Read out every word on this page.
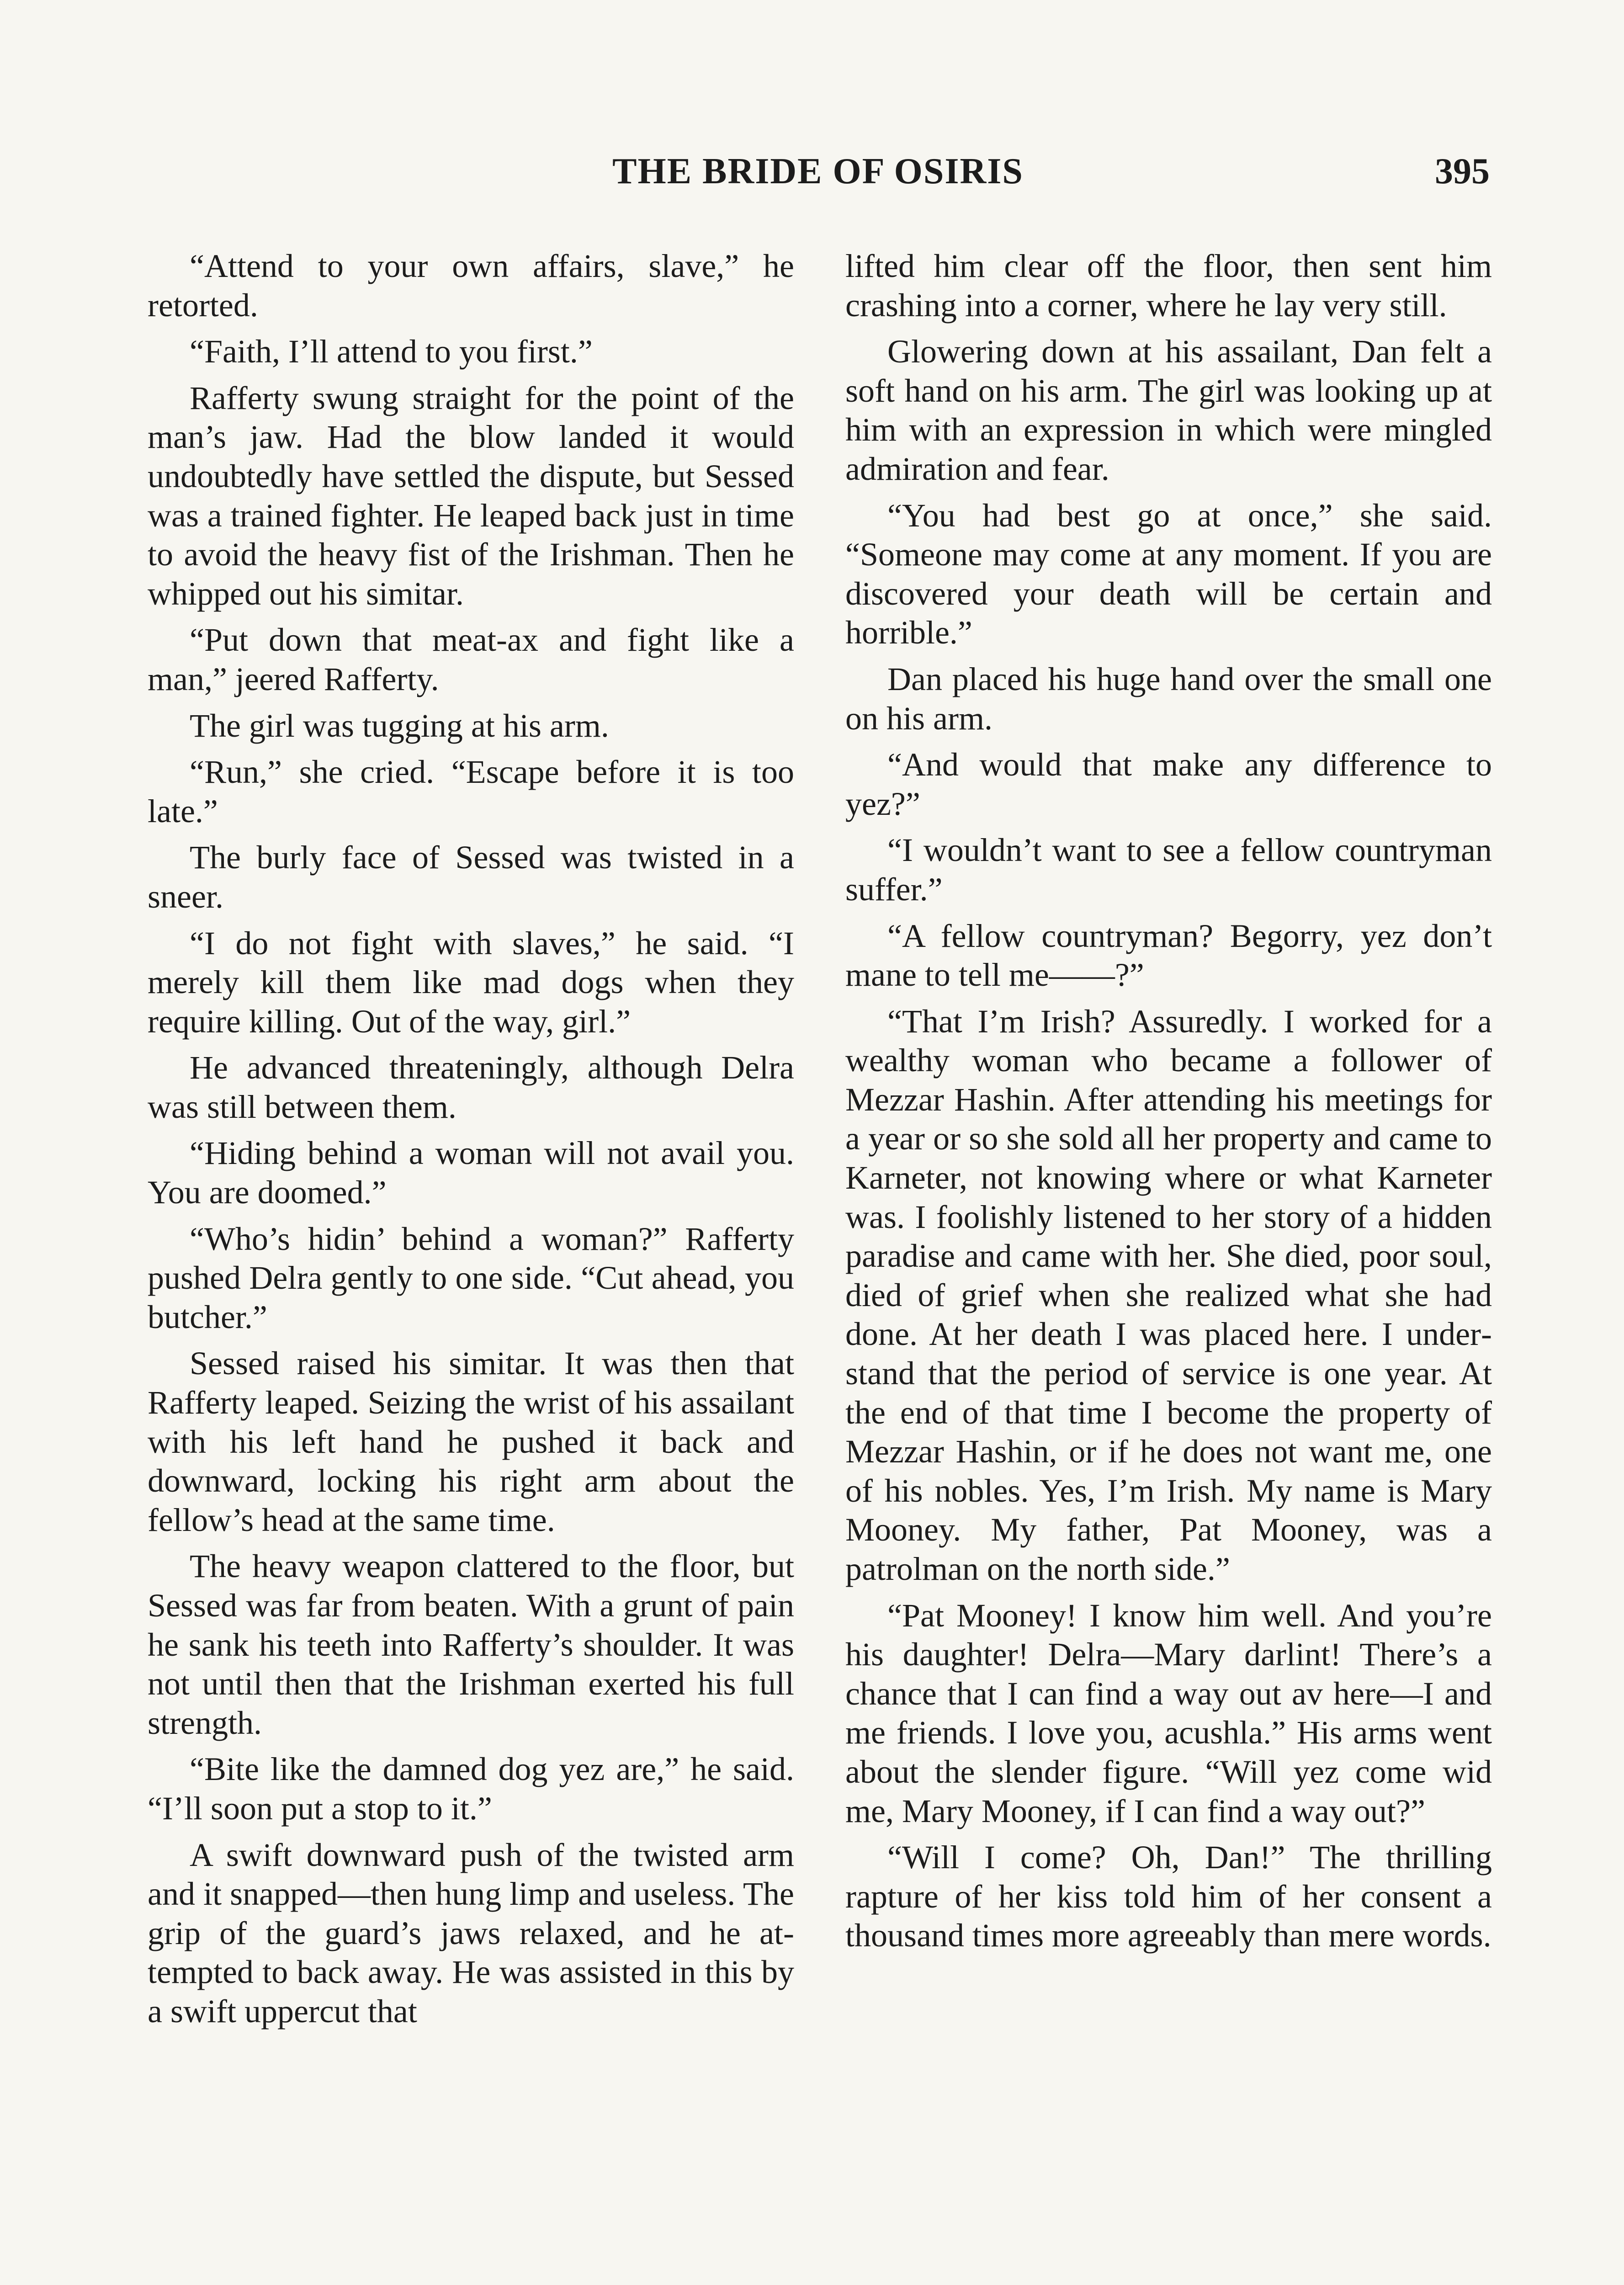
THE BRIDE OF OSIRIS	395

“Attend to your own affairs, slave,” he retorted.

“Faith, I’ll attend to you first.”

Rafferty swung straight for the point of the man’s jaw. Had the blow landed it would undoubtedly have settled the dispute, but Sessed was a trained fighter. He leaped back just in time to avoid the heavy fist of the Irishman. Then he whipped out his simitar.

“Put down that meat-ax and fight like a man,” jeered Rafferty.

The girl was tugging at his arm.

“Run,” she cried. “Escape before it is too late.”

The burly face of Sessed was twisted in a sneer.

“I do not fight with slaves,” he said. “I merely kill them like mad dogs when they require killing. Out of the way, girl.”

He advanced threateningly, although Delra was still between them.

“Hiding behind a woman will not avail you. You are doomed.”

“Who’s hidin’ behind a woman?” Rafferty pushed Delra gently to one side. “Cut ahead, you butcher.”

Sessed raised his simitar. It was then that Rafferty leaped. Seizing the wrist of his assailant with his left hand he pushed it back and downward, locking his right arm about the fellow’s head at the same time.

The heavy weapon clattered to the floor, but Sessed was far from beaten. With a grunt of pain he sank his teeth into Rafferty’s shoulder. It was not until then that the Irishman exerted his full strength.

“Bite like the damned dog yez are,” he said. “I’ll soon put a stop to it.”

A swift downward push of the twisted arm and it snapped—then hung limp and useless. The grip of the guard’s jaws relaxed, and he attempted to back away. He was assisted in this by a swift uppercut that

lifted him clear off the floor, then sent him crashing into a corner, where he lay very still.

Glowering down at his assailant, Dan felt a soft hand on his arm. The girl was looking up at him with an expression in which were mingled admiration and fear.

“You had best go at once,” she said. “Someone may come at any moment. If you are discovered your death will be certain and horrible.”

Dan placed his huge hand over the small one on his arm.

“And would that make any difference to yez?”

“I wouldn’t want to see a fellow countryman suffer.”

“A fellow countryman? Begorry, yez don’t mane to tell me——?”

“That I’m Irish? Assuredly. I worked for a wealthy woman who became a follower of Mezzar Hashin. After attending his meetings for a year or so she sold all her property and came to Karneter, not knowing where or what Karneter was. I foolishly listened to her story of a hidden paradise and came with her. She died, poor soul, died of grief when she realized what she had done. At her death I was placed here. I understand that the period of service is one year. At the end of that time I become the property of Mezzar Hashin, or if he does not want me, one of his nobles. Yes, I’m Irish. My name is Mary Mooney. My father, Pat Mooney, was a patrolman on the north side.”

“Pat Mooney! I know him well. And you’re his daughter! Delra—Mary darlint! There’s a chance that I can find a way out av here—I and me friends. I love you, acushla.” His arms went about the slender figure. “Will yez come wid me, Mary Mooney, if I can find a way out?”

“Will I come? Oh, Dan!” The thrilling rapture of her kiss told him of her consent a thousand times more agreeably than mere words.
